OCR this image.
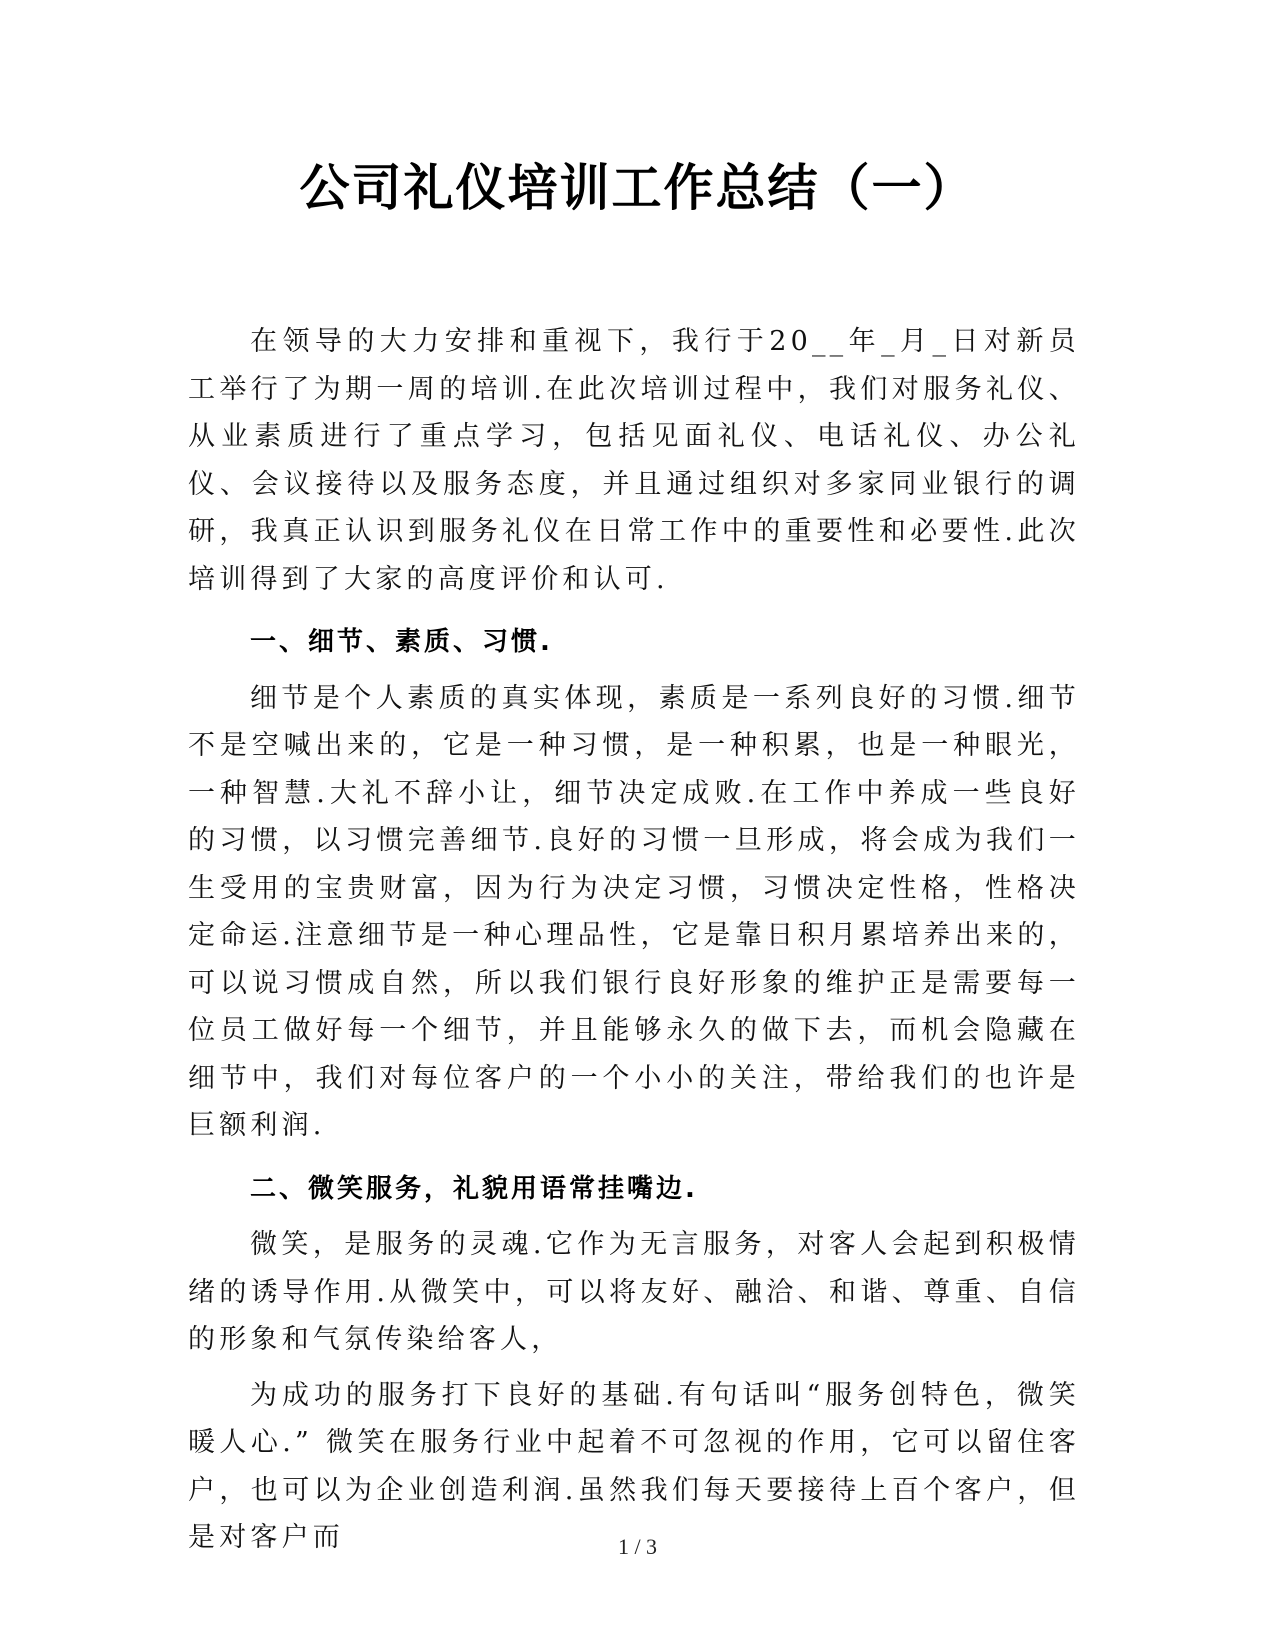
公司礼仪培训工作总结（一）

在领导的大力安排和重视下，我行于20__年_月_日对新员工举行了为期一周的培训.在此次培训过程中，我们对服务礼仪、从业素质进行了重点学习，包括见面礼仪、电话礼仪、办公礼仪、会议接待以及服务态度，并且通过组织对多家同业银行的调研，我真正认识到服务礼仪在日常工作中的重要性和必要性.此次培训得到了大家的高度评价和认可.

一、细节、素质、习惯.

细节是个人素质的真实体现，素质是一系列良好的习惯.细节不是空喊出来的，它是一种习惯，是一种积累，也是一种眼光，一种智慧.大礼不辞小让，细节决定成败.在工作中养成一些良好的习惯，以习惯完善细节.良好的习惯一旦形成，将会成为我们一生受用的宝贵财富，因为行为决定习惯，习惯决定性格，性格决定命运.注意细节是一种心理品性，它是靠日积月累培养出来的，可以说习惯成自然，所以我们银行良好形象的维护正是需要每一位员工做好每一个细节，并且能够永久的做下去，而机会隐藏在细节中，我们对每位客户的一个小小的关注，带给我们的也许是巨额利润.

二、微笑服务，礼貌用语常挂嘴边.

微笑，是服务的灵魂.它作为无言服务，对客人会起到积极情绪的诱导作用.从微笑中，可以将友好、融洽、和谐、尊重、自信的形象和气氛传染给客人，

为成功的服务打下良好的基础.有句话叫“服务创特色，微笑暖人心.” 微笑在服务行业中起着不可忽视的作用，它可以留住客户，也可以为企业创造利润.虽然我们每天要接待上百个客户，但是对客户而	1 / 3
